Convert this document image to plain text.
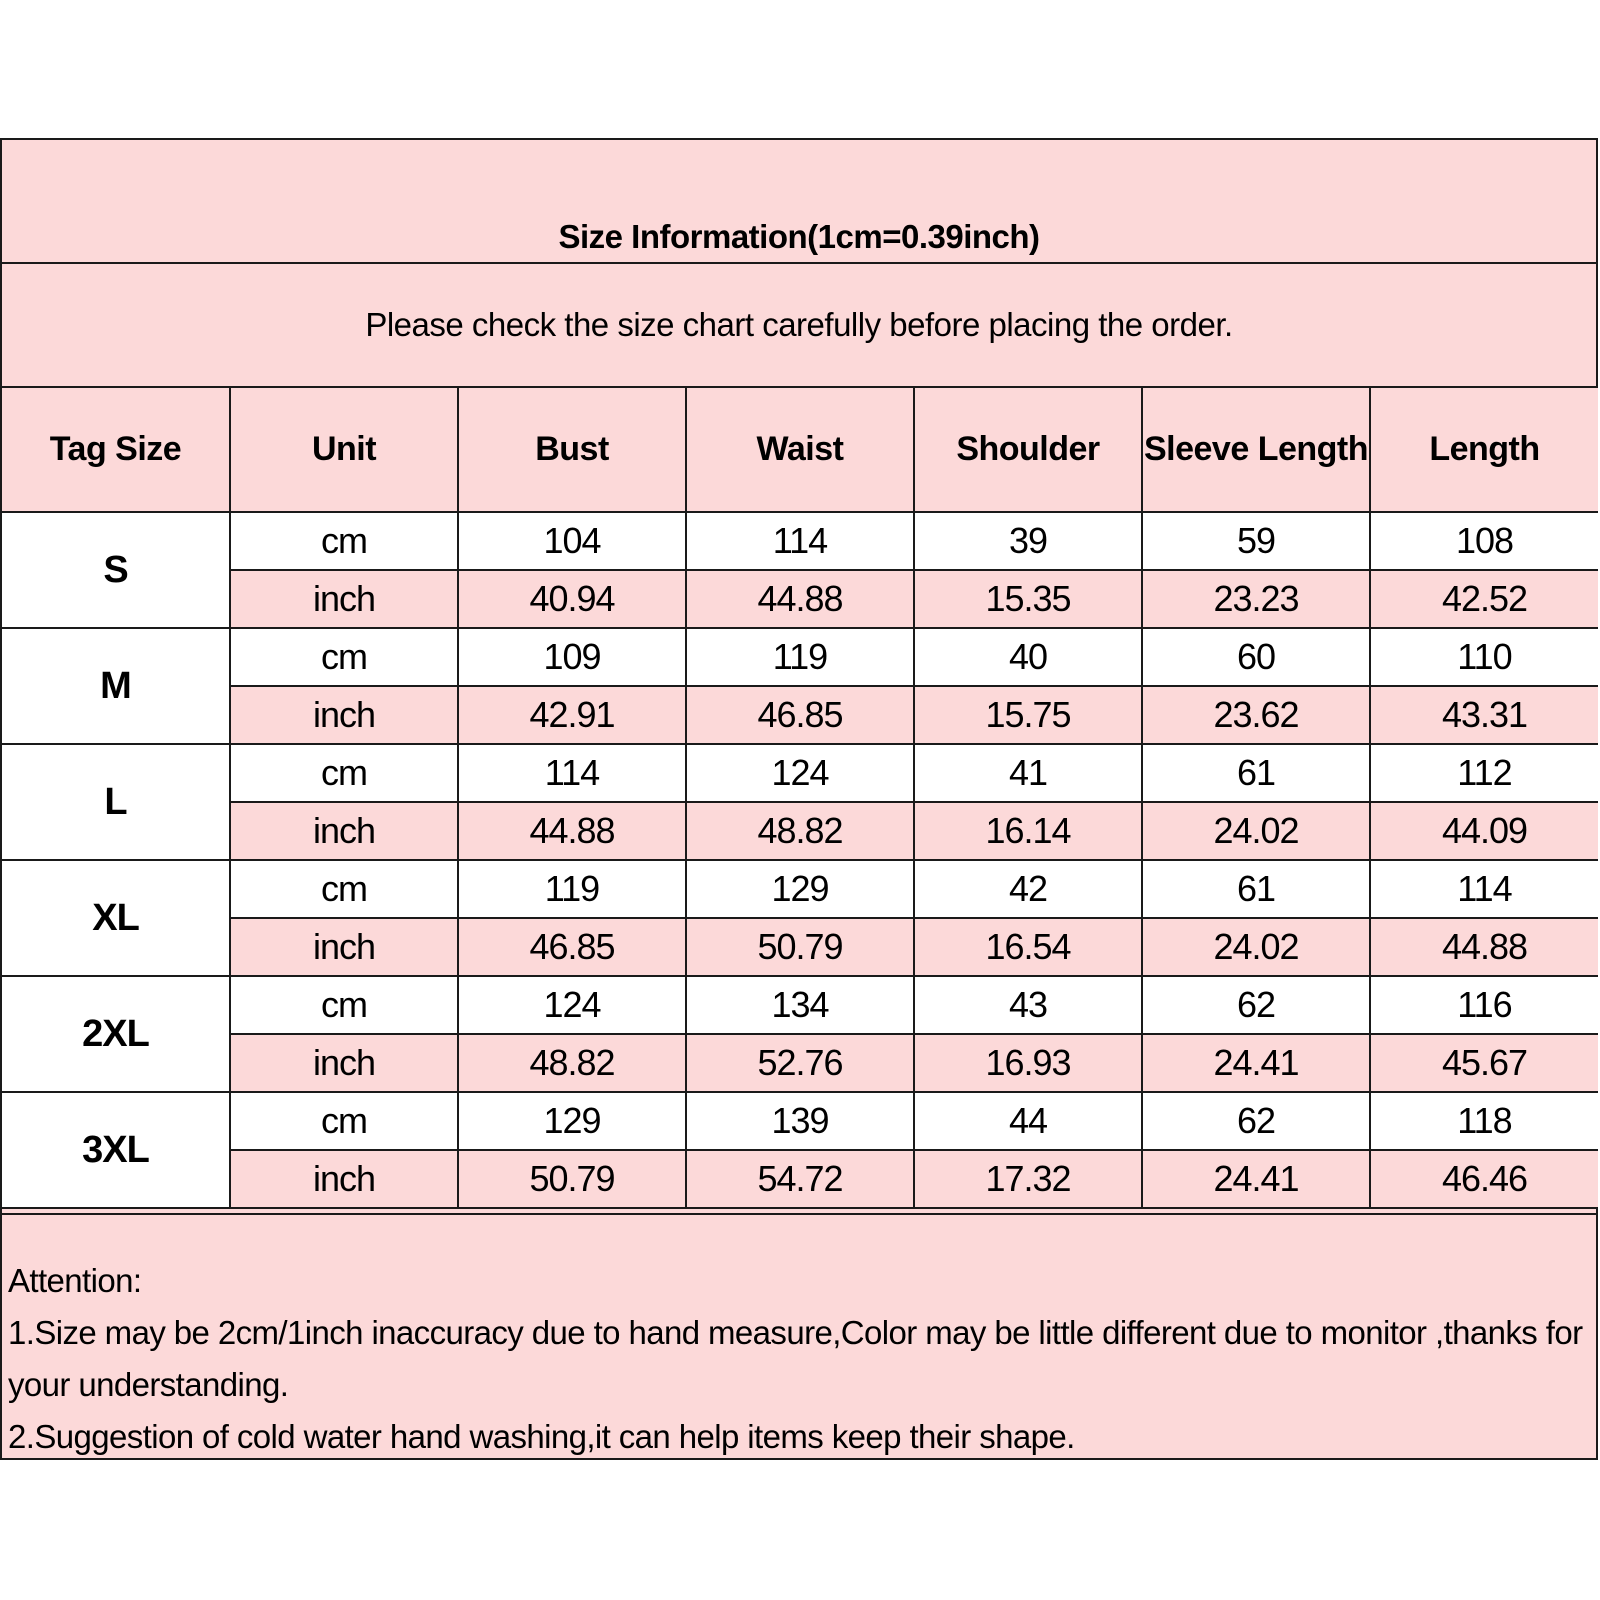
Size Information(1cm=0.39inch)
Please check the size chart carefully before placing the order.
Tag Size	Unit	Bust	Waist	Shoulder	Sleeve Length	Length
S	cm	104	114	39	59	108
	inch	40.94	44.88	15.35	23.23	42.52
M	cm	109	119	40	60	110
	inch	42.91	46.85	15.75	23.62	43.31
L	cm	114	124	41	61	112
	inch	44.88	48.82	16.14	24.02	44.09
XL	cm	119	129	42	61	114
	inch	46.85	50.79	16.54	24.02	44.88
2XL	cm	124	134	43	62	116
	inch	48.82	52.76	16.93	24.41	45.67
3XL	cm	129	139	44	62	118
	inch	50.79	54.72	17.32	24.41	46.46
Attention:
1.Size may be 2cm/1inch inaccuracy due to hand measure,Color may be little different due to monitor ,thanks for your understanding.
2.Suggestion of cold water hand washing,it can help items keep their shape.
